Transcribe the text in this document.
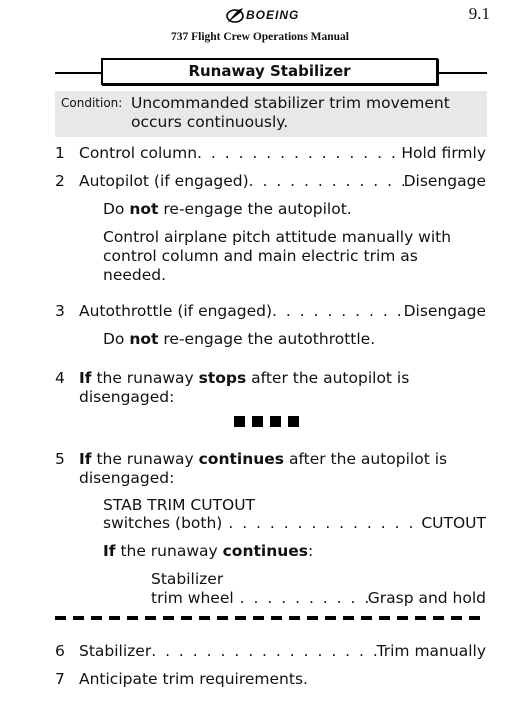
BOEING
737 Flight Crew Operations Manual
9.1
Runaway Stabilizer
Condition: Uncommanded stabilizer trim movement
occurs continuously.
1 Control column . . .	Hold firmly
2 Autopilot (if engaged) . . .	Disengage
Do not re-engage the autopilot.
Control airplane pitch attitude manually with
control column and main electric trim as
needed.
3 Autothrottle (if engaged) . . .	Disengage
Do not re-engage the autothrottle.
4 If the runaway stops after the autopilot is
disengaged:
5 If the runaway continues after the autopilot is
disengaged:
STAB TRIM CUTOUT
switches (both) . . .	CUTOUT
If the runaway continues:
Stabilizer
trim wheel . . .	Grasp and hold
6 Stabilizer . . .	Trim manually
7 Anticipate trim requirements.
